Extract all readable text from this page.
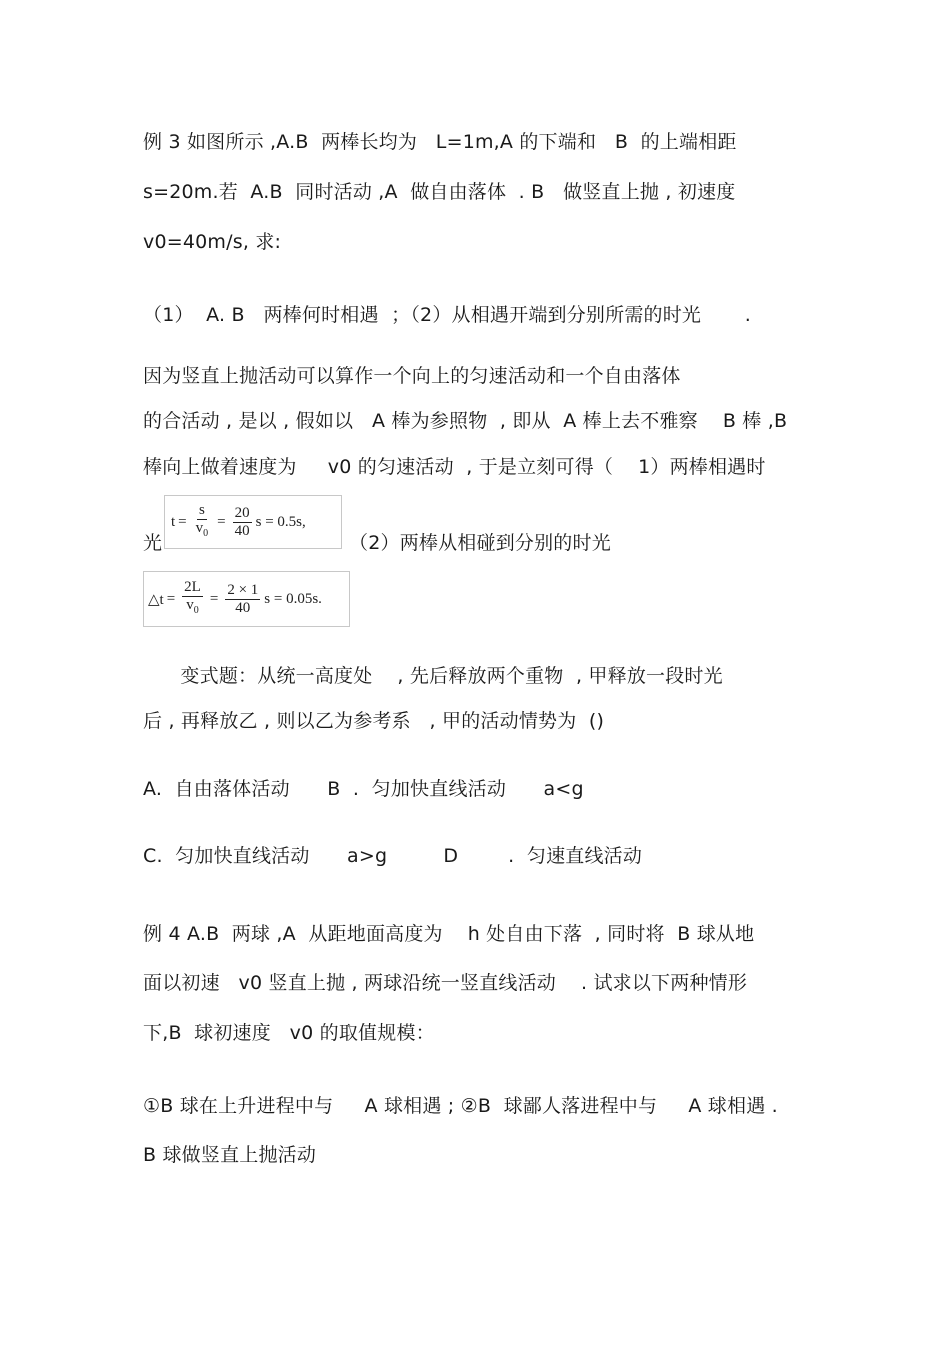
例 3 如图所示 ,A.B  两棒长均为   L=1m,A 的下端和   B  的上端相距
s=20m.若  A.B  同时活动 ,A  做自由落体  . B   做竖直上抛 , 初速度
v0=40m/s, 求:
（1）  A. B   两棒何时相遇  ；（2）从相遇开端到分别所需的时光       .
因为竖直上抛活动可以算作一个向上的匀速活动和一个自由落体
的合活动 , 是以 , 假如以   A 棒为参照物  , 即从  A 棒上去不雅察    B 棒 ,B
棒向上做着速度为     v0 的匀速活动  , 于是立刻可得（    1）两棒相遇时
光
$t = \frac{s}{v_0} = \frac{20}{40}$ s = 0.5s,
（2）两棒从相碰到分别的时光
△t = $\frac{2L}{v_0} = \frac{2 \times 1}{40}$ s = 0.05s.
变式题：从统一高度处    , 先后释放两个重物  , 甲释放一段时光
后 , 再释放乙 , 则以乙为参考系   , 甲的活动情势为  ()
A.  自由落体活动      B  .  匀加快直线活动      a<g
C.  匀加快直线活动      a>g         D        .  匀速直线活动
例 4 A.B  两球 ,A  从距地面高度为    h 处自由下落  , 同时将  B 球从地
面以初速   v0 竖直上抛 , 两球沿统一竖直线活动    . 试求以下两种情形
下,B  球初速度   v0 的取值规模：
①B 球在上升进程中与     A 球相遇 ; ②B  球鄙人落进程中与     A 球相遇 .
B 球做竖直上抛活动
